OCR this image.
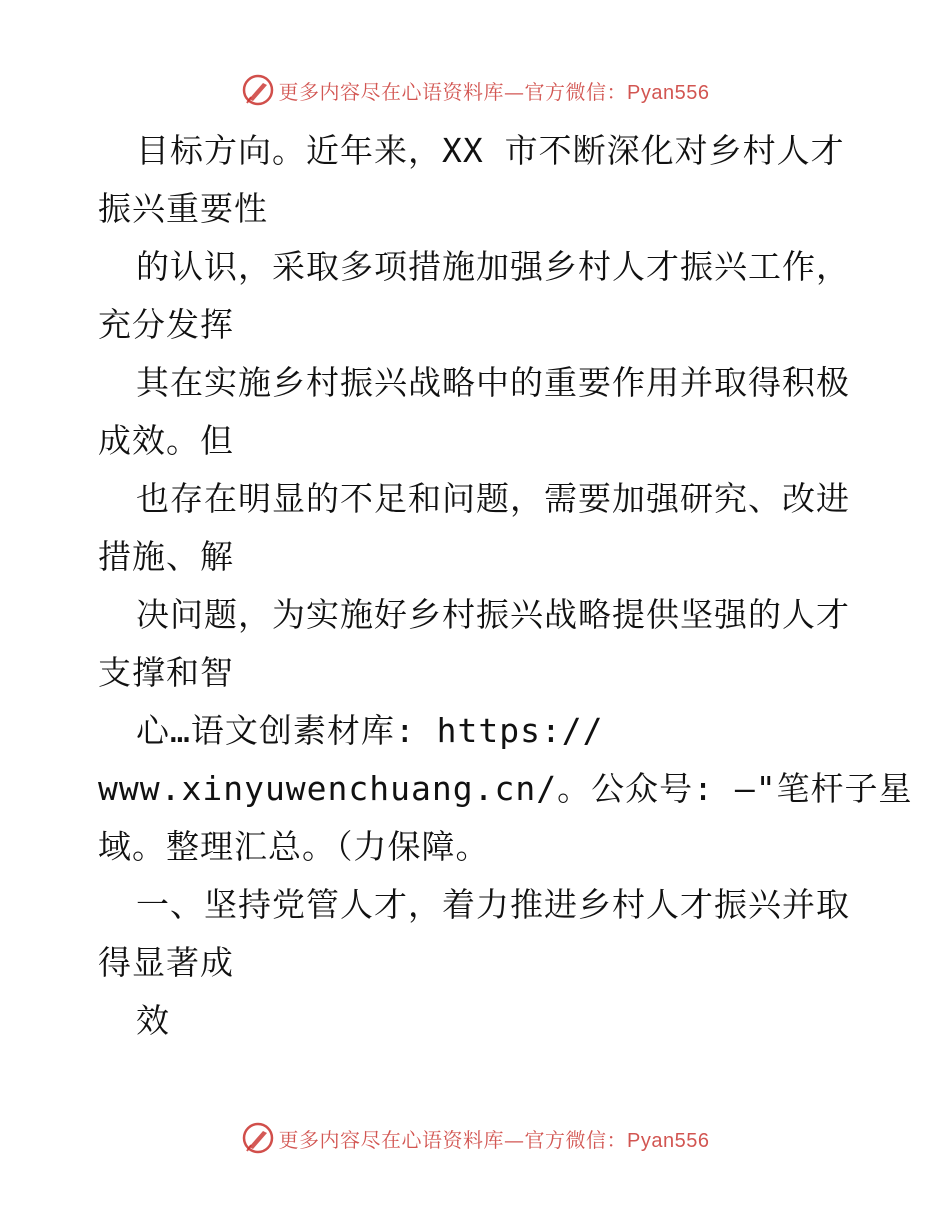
更多内容尽在心语资料库—官方微信：Pyan556
目标方向。近年来，XX 市不断深化对乡村人才
振兴重要性
的认识，采取多项措施加强乡村人才振兴工作，
充分发挥
其在实施乡村振兴战略中的重要作用并取得积极
成效。但
也存在明显的不足和问题，需要加强研究、改进
措施、解
决问题，为实施好乡村振兴战略提供坚强的人才
支撑和智
心…语文创素材库: https://
www.xinyuwenchuang.cn/。公众号: —"笔杆子星
域。整理汇总。（力保障。
一、坚持党管人才，着力推进乡村人才振兴并取
得显著成
效
更多内容尽在心语资料库—官方微信：Pyan556
